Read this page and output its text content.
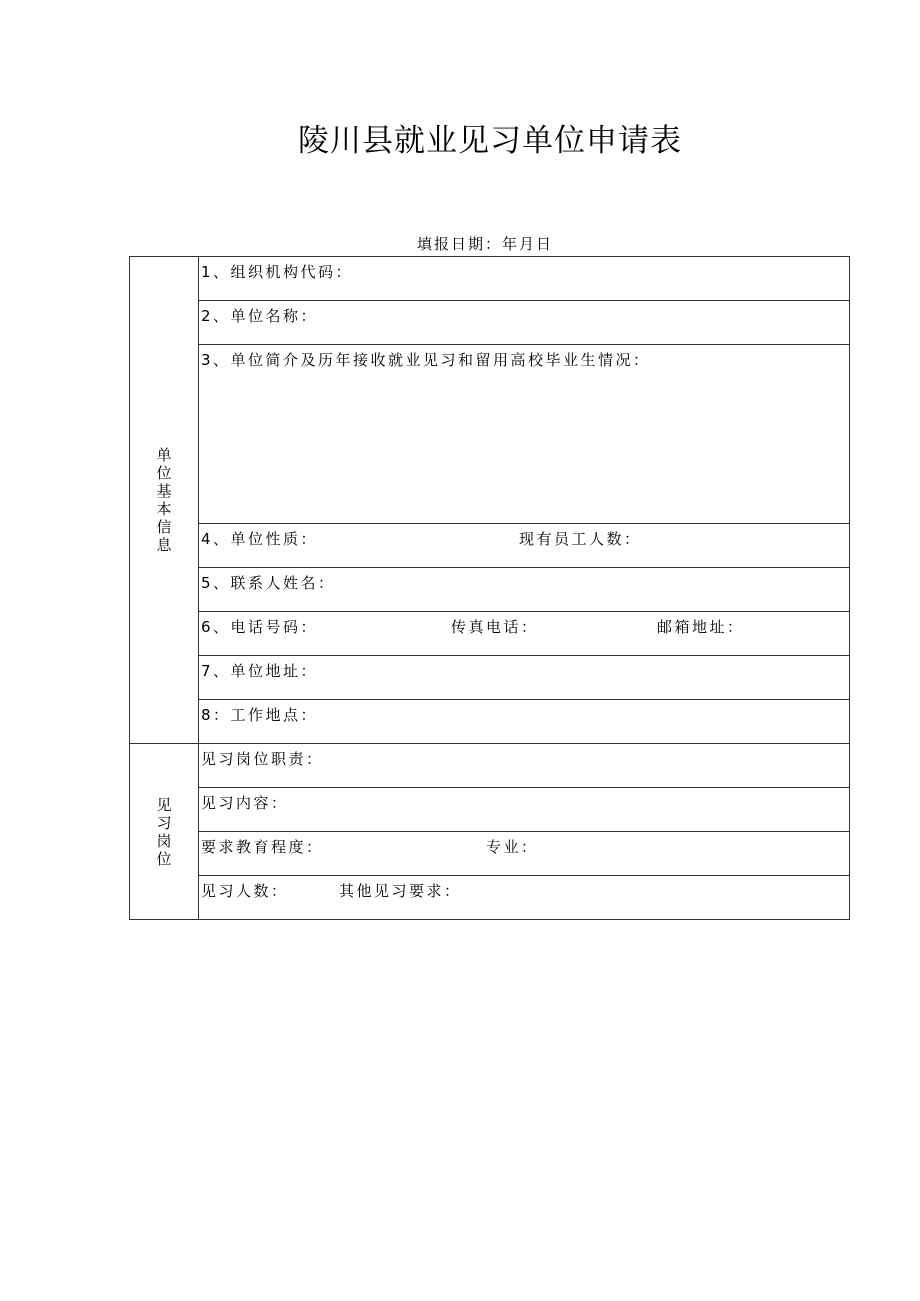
陵川县就业见习单位申请表
填报日期：年月日
单位基本信息	1、组织机构代码：

	2、单位名称：

	3、单位简介及历年接收就业见习和留用高校毕业生情况：

	4、单位性质： 现有员工人数：

	5、联系人姓名：

	6、电话号码： 传真电话： 邮箱地址：

	7、单位地址：

	8：工作地点：

见习岗位	见习岗位职责：

	见习内容：

	要求教育程度： 专业：

	见习人数： 其他见习要求：
